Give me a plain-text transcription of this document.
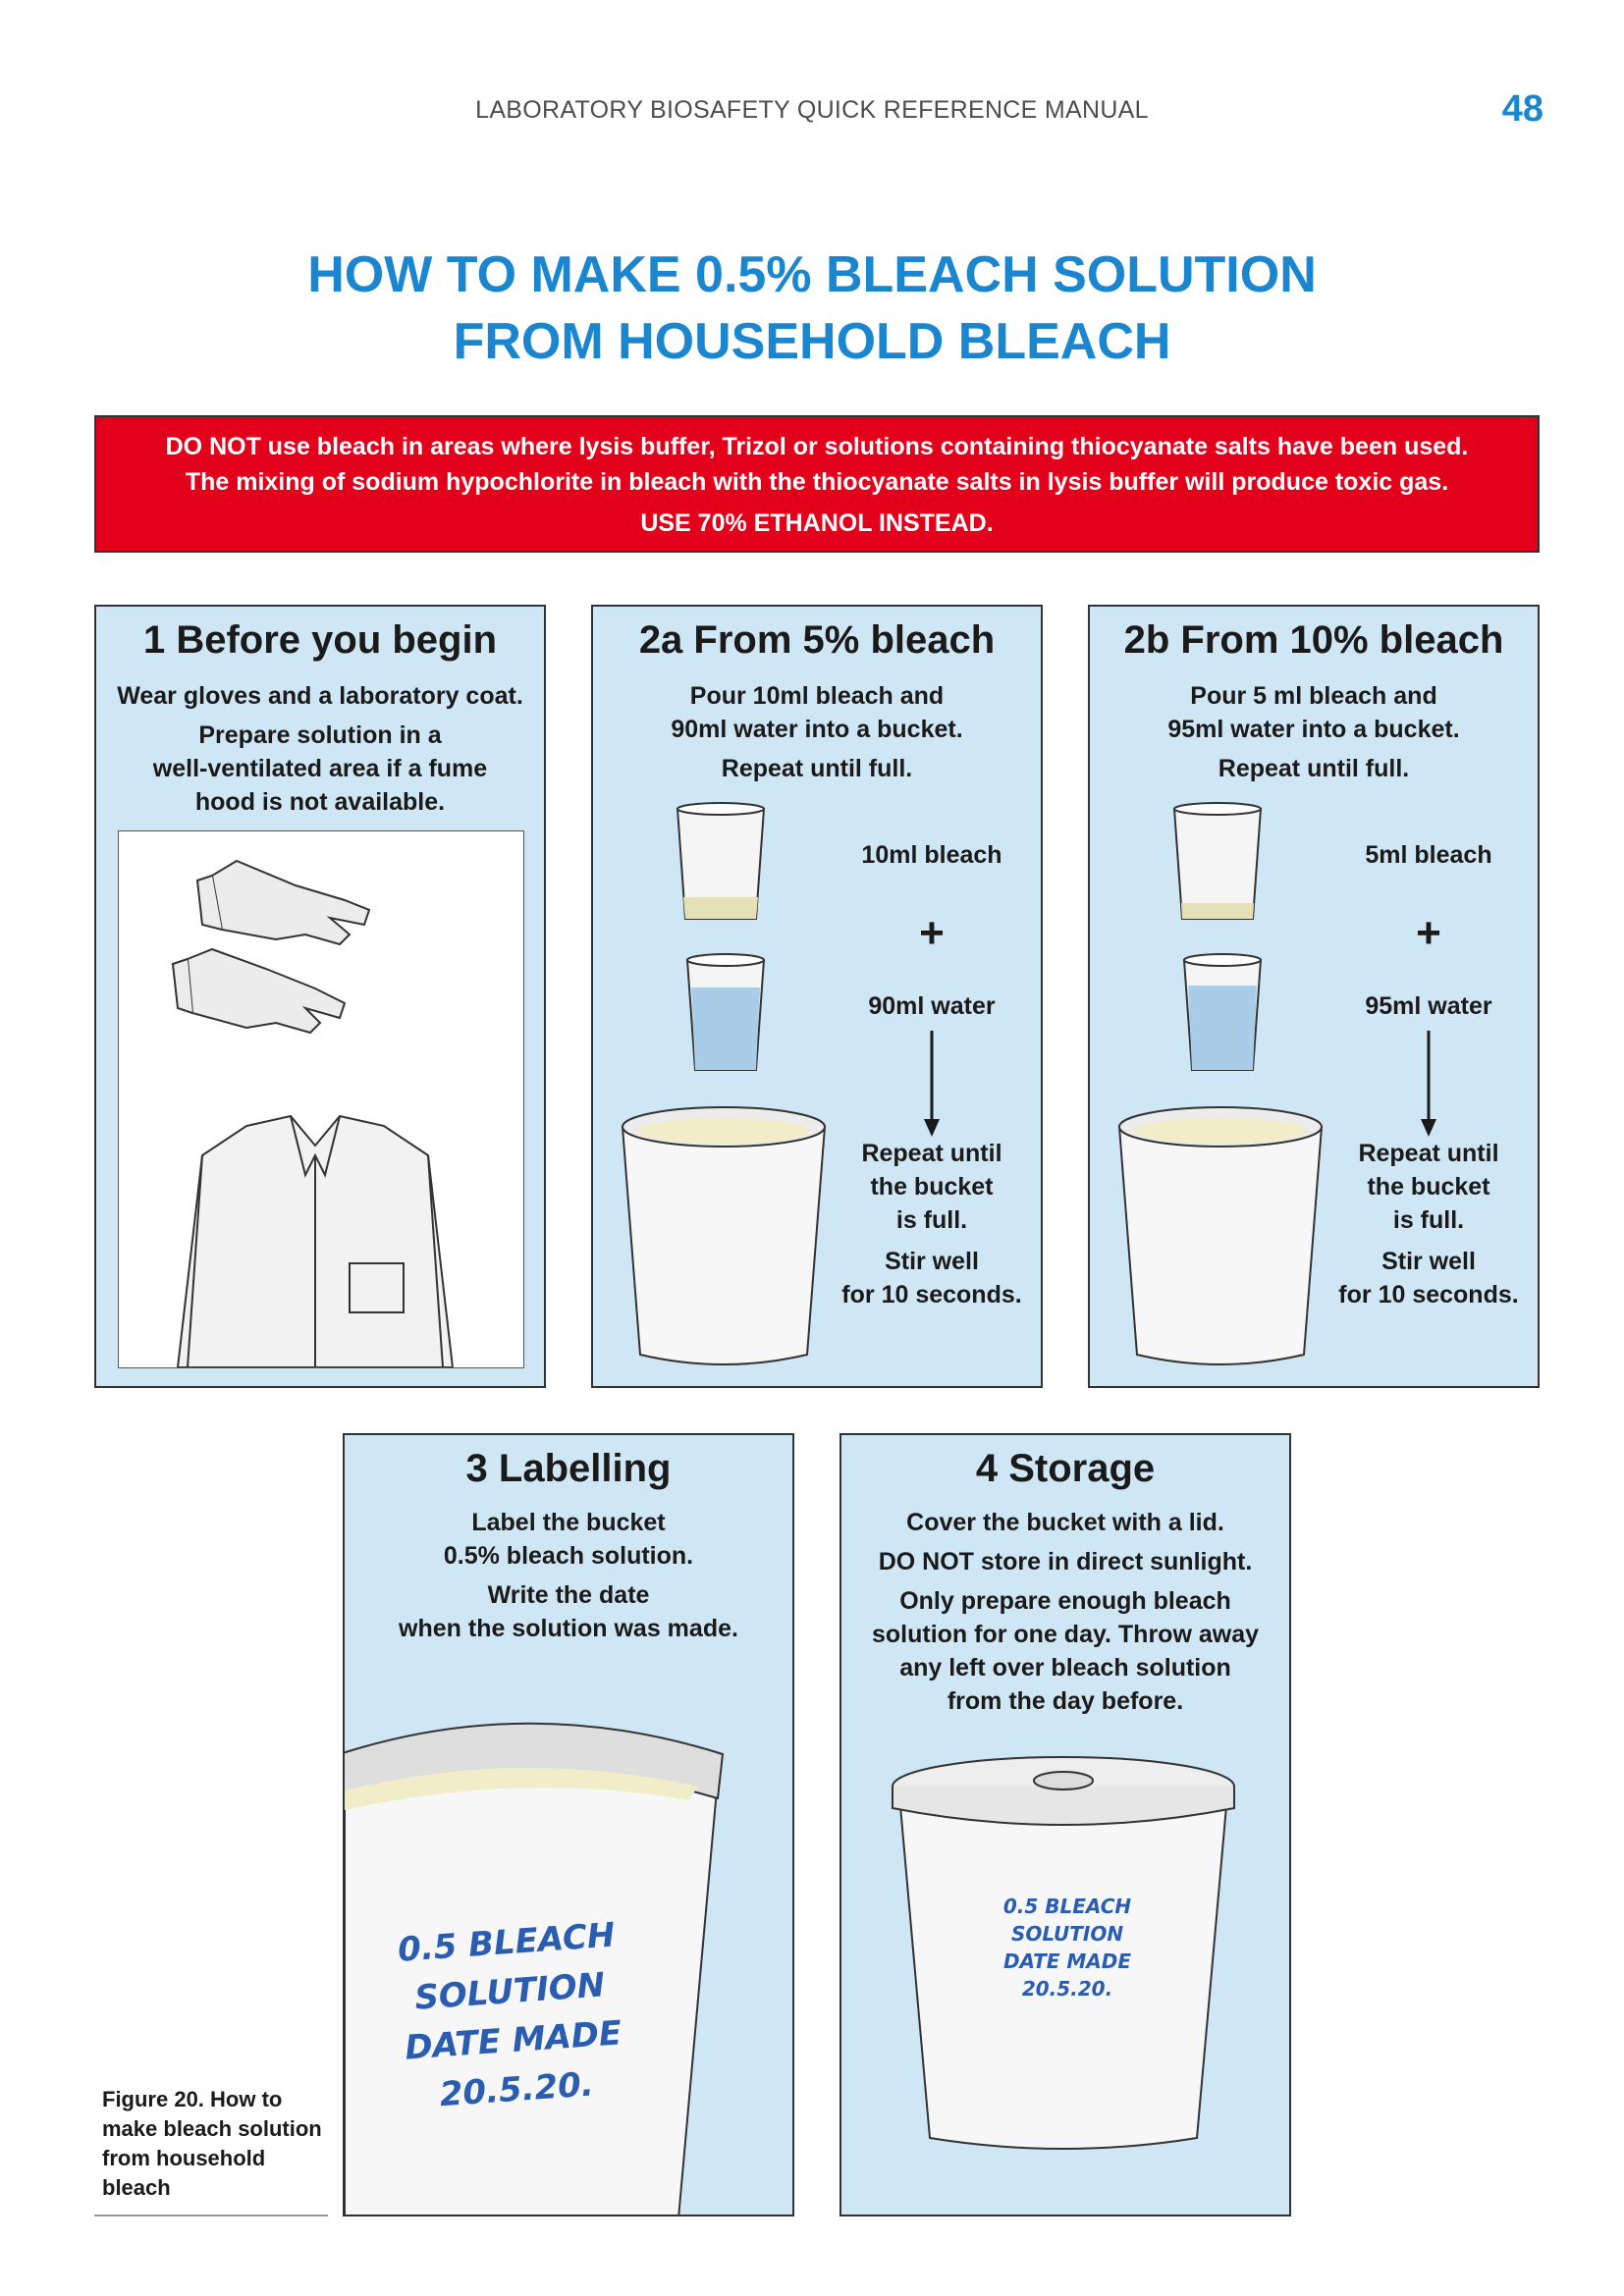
LABORATORY BIOSAFETY QUICK REFERENCE MANUAL	48
HOW TO MAKE 0.5% BLEACH SOLUTION
FROM HOUSEHOLD BLEACH
DO NOT use bleach in areas where lysis buffer, Trizol or solutions containing thiocyanate salts have been used.
The mixing of sodium hypochlorite in bleach with the thiocyanate salts in lysis buffer will produce toxic gas.
USE 70% ETHANOL INSTEAD.
1 Before you begin
Wear gloves and a laboratory coat.
Prepare solution in a
well-ventilated area if a fume
hood is not available.
2a From 5% bleach
Pour 10ml bleach and
90ml water into a bucket.
Repeat until full.
10ml bleach
+
90ml water
Repeat until
the bucket
is full.
Stir well
for 10 seconds.
2b From 10% bleach
Pour 5 ml bleach and
95ml water into a bucket.
Repeat until full.
5ml bleach
+
95ml water
Repeat until
the bucket
is full.
Stir well
for 10 seconds.
3 Labelling
Label the bucket
0.5% bleach solution.
Write the date
when the solution was made.
0.5 BLEACH
SOLUTION
DATE MADE
20.5.20.
4 Storage
Cover the bucket with a lid.
DO NOT store in direct sunlight.
Only prepare enough bleach
solution for one day. Throw away
any left over bleach solution
from the day before.
0.5 BLEACH
SOLUTION
DATE MADE
20.5.20.
Figure 20. How to make bleach solution from household bleach
